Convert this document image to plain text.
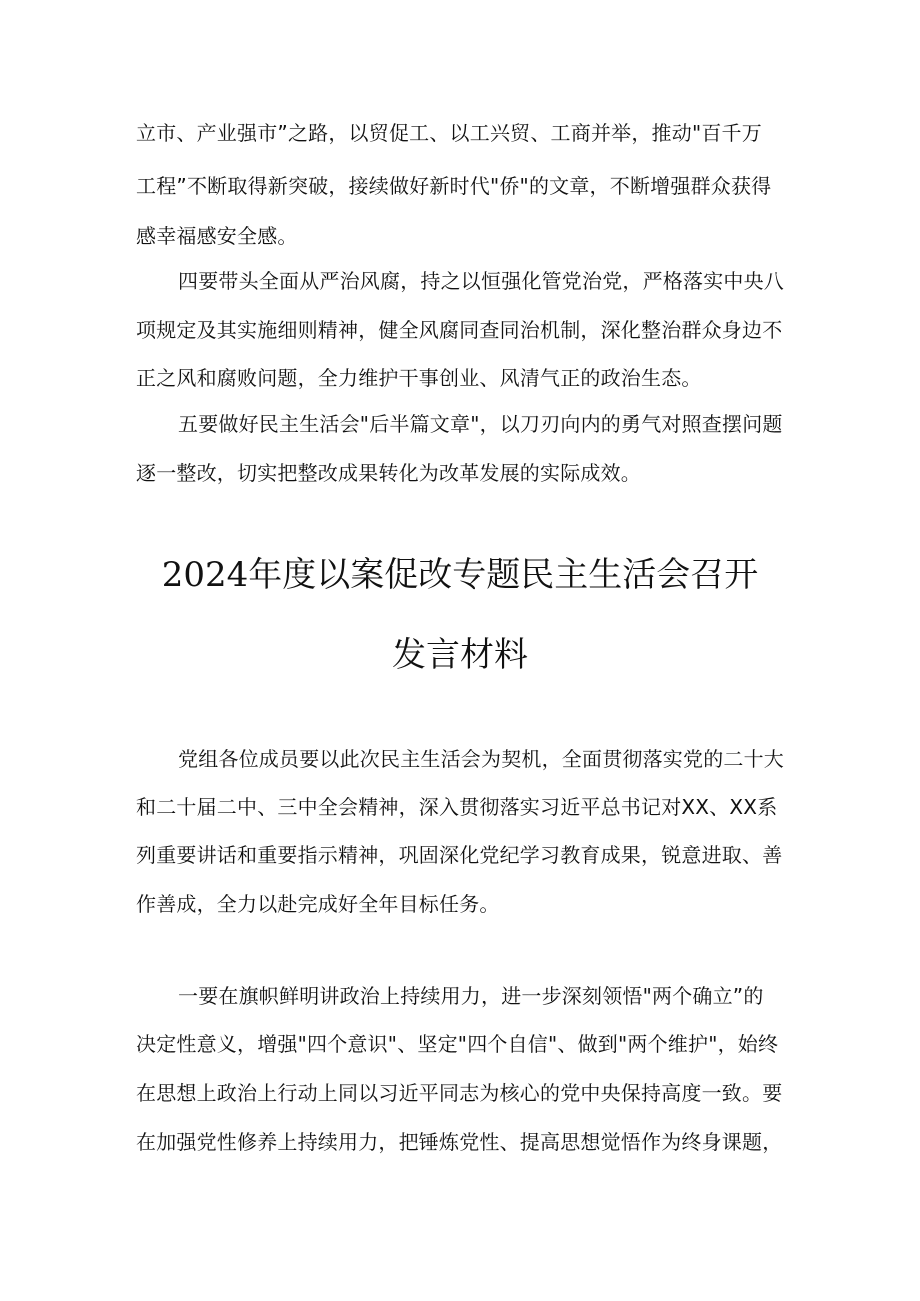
立市、产业强市”之路，以贸促工、以工兴贸、工商并举，推动"百千万
工程”不断取得新突破，接续做好新时代"侨"的文章，不断增强群众获得
感幸福感安全感。
四要带头全面从严治风腐，持之以恒强化管党治党，严格落实中央八
项规定及其实施细则精神，健全风腐同查同治机制，深化整治群众身边不
正之风和腐败问题，全力维护干事创业、风清气正的政治生态。
五要做好民主生活会"后半篇文章"，以刀刃向内的勇气对照查摆问题
逐一整改，切实把整改成果转化为改革发展的实际成效。
2024年度以案促改专题民主生活会召开
发言材料
党组各位成员要以此次民主生活会为契机，全面贯彻落实党的二十大
和二十届二中、三中全会精神，深入贯彻落实习近平总书记对XX、XX系
列重要讲话和重要指示精神，巩固深化党纪学习教育成果，锐意进取、善
作善成，全力以赴完成好全年目标任务。
一要在旗帜鲜明讲政治上持续用力，进一步深刻领悟"两个确立”的
决定性意义，增强"四个意识"、坚定"四个自信"、做到"两个维护"，始终
在思想上政治上行动上同以习近平同志为核心的党中央保持高度一致。要
在加强党性修养上持续用力，把锤炼党性、提高思想觉悟作为终身课题，
